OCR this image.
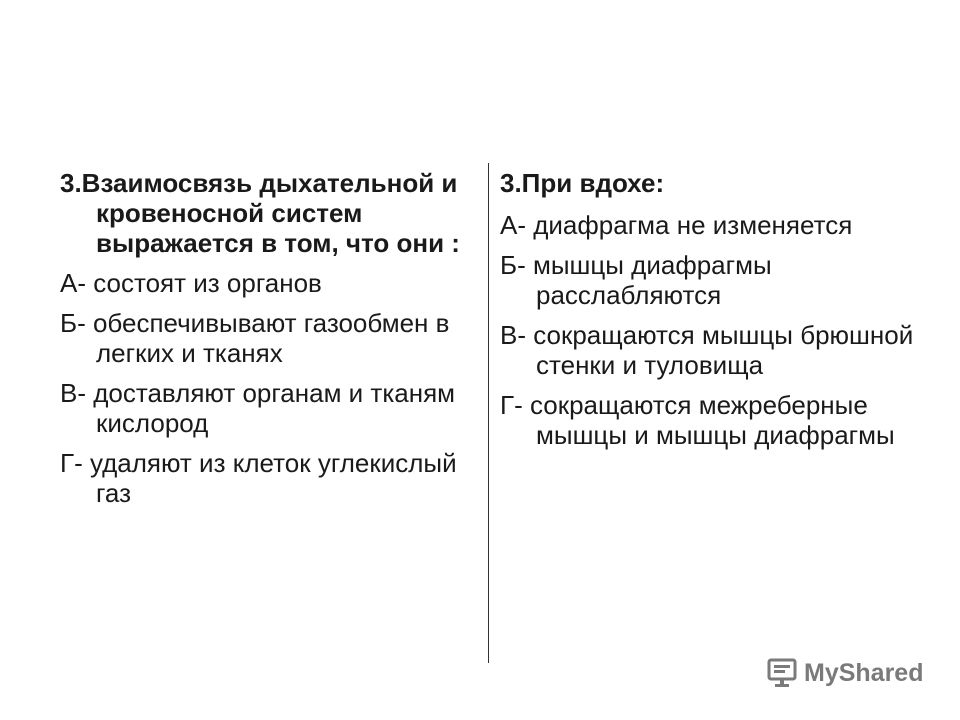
3.Взаимосвязь дыхательной и кровеносной систем выражается в том, что они :

А- состоят из органов

Б- обеспечивывают газообмен в легких и тканях

В- доставляют органам и тканям кислород

Г- удаляют из клеток углекислый газ

3.При вдохе:

А- диафрагма не изменяется

Б- мышцы диафрагмы расслабляются

В- сокращаются мышцы брюшной стенки и туловища

Г- сокращаются межреберные мышцы и мышцы диафрагмы

MyShared
